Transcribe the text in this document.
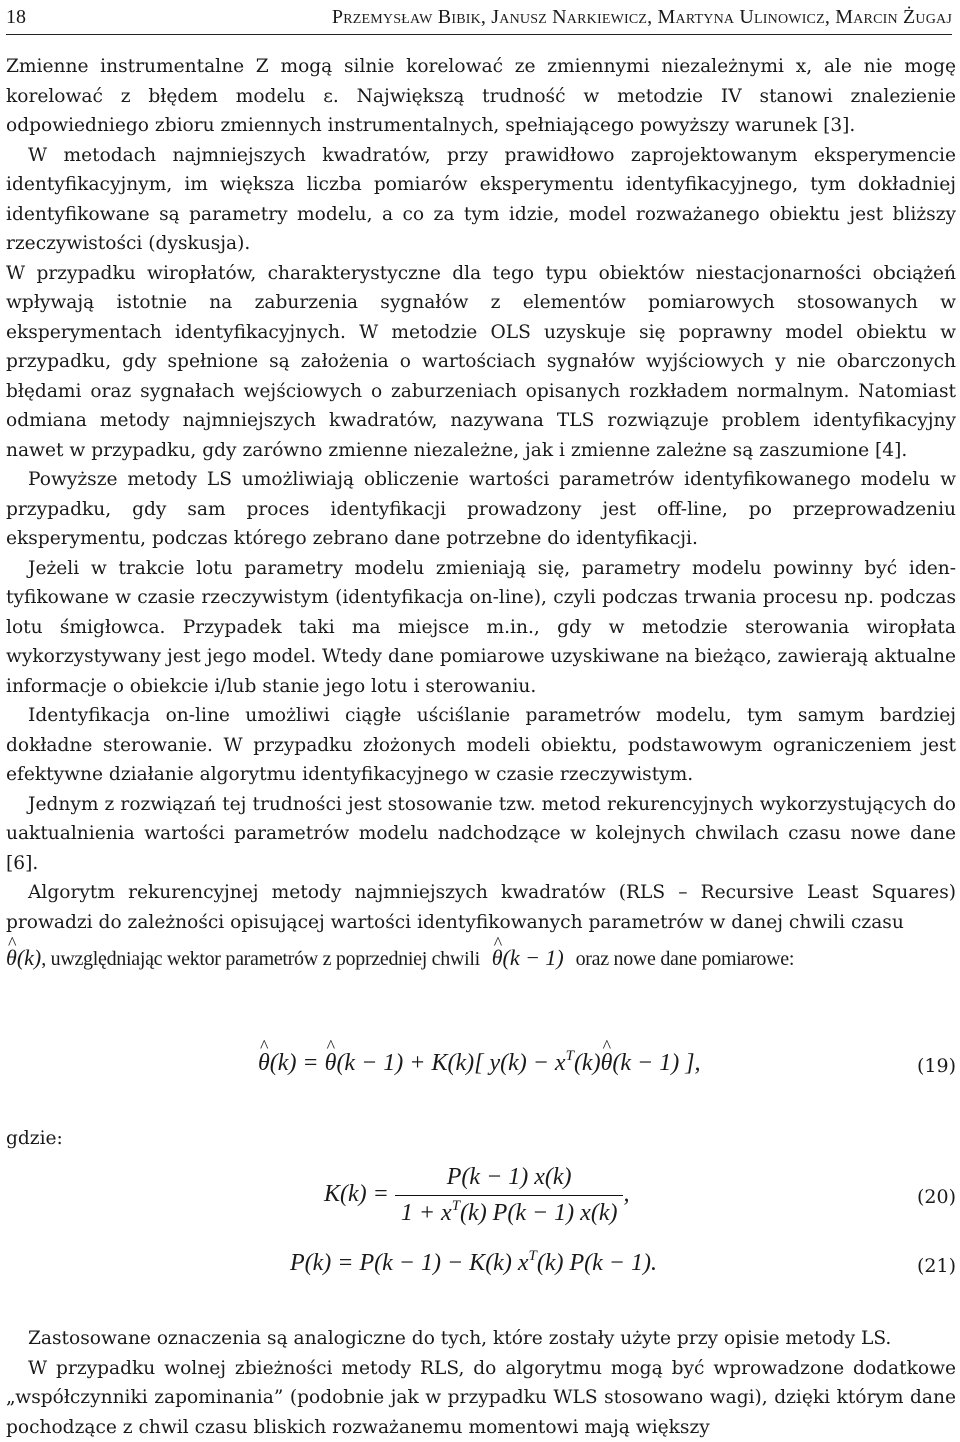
18	Przemysław Bibik, Janusz Narkiewicz, Martyna Ulinowicz, Marcin Żugaj

Zmienne instrumentalne Z mogą silnie korelować ze zmiennymi niezależnymi x, ale nie mogę korelować z błędem modelu ε. Największą trudność w metodzie IV stanowi znalezienie odpowiedniego zbioru zmiennych instrumentalnych, spełniającego powyższy warunek [3].

W metodach najmniejszych kwadratów, przy prawidłowo zaprojektowanym eksperymencie identyfikacyjnym, im większa liczba pomiarów eksperymentu identyfikacyjnego, tym dokładniej identyfikowane są parametry modelu, a co za tym idzie, model rozważanego obiektu jest bliższy rzeczywistości (dyskusja).

W przypadku wiropłatów, charakterystyczne dla tego typu obiektów niestacjonarności obciążeń wpływają istotnie na zaburzenia sygnałów z elementów pomiarowych stosowanych w eksperymentach identyfikacyjnych. W metodzie OLS uzyskuje się poprawny model obiektu w przypadku, gdy spełnione są założenia o wartościach sygnałów wyjściowych y nie obarczonych błędami oraz sygnałach wejściowych o zaburzeniach opisanych rozkładem normalnym. Natomiast odmiana metody najmniejszych kwadratów, nazywana TLS rozwiązuje problem identyfikacyjny nawet w przypadku, gdy zarówno zmienne niezależne, jak i zmienne zależne są zaszumione [4].

Powyższe metody LS umożliwiają obliczenie wartości parametrów identyfikowanego modelu w przypadku, gdy sam proces identyfikacji prowadzony jest off-line, po przeprowadzeniu eksperymentu, podczas którego zebrano dane potrzebne do identyfikacji.

Jeżeli w trakcie lotu parametry modelu zmieniają się, parametry modelu powinny być identyfikowane w czasie rzeczywistym (identyfikacja on-line), czyli podczas trwania procesu np. podczas lotu śmigłowca. Przypadek taki ma miejsce m.in., gdy w metodzie sterowania wiropłata wykorzystywany jest jego model. Wtedy dane pomiarowe uzyskiwane na bieżąco, zawierają aktualne informacje o obiekcie i/lub stanie jego lotu i sterowaniu.

Identyfikacja on-line umożliwi ciągłe uściślanie parametrów modelu, tym samym bardziej dokładne sterowanie. W przypadku złożonych modeli obiektu, podstawowym ograniczeniem jest efektywne działanie algorytmu identyfikacyjnego w czasie rzeczywistym.

Jednym z rozwiązań tej trudności jest stosowanie tzw. metod rekurencyjnych wykorzystujących do uaktualnienia wartości parametrów modelu nadchodzące w kolejnych chwilach czasu nowe dane [6].

Algorytm rekurencyjnej metody najmniejszych kwadratów (RLS – Recursive Least Squares) prowadzi do zależności opisującej wartości identyfikowanych parametrów w danej chwili czasu

^ θ(k), uwzględniając wektor parametrów z poprzedniej chwili  ^ θ(k − 1) oraz nowe dane pomiarowe:

^ θ(k) = ^ θ(k − 1) + K(k)[ $y(k) - x^T(k)\^{}$ θ(k − 1) ],	(19)
gdzie:
$K(k) = \frac{P(k - 1) x(k)}{1 + x^T(k) P(k - 1) x(k)}$ ,	(20)
P(k) = P(k − 1) − K(k) $x^T(k) P(k - 1)$.	(21)

Zastosowane oznaczenia są analogiczne do tych, które zostały użyte przy opisie metody LS.

W przypadku wolnej zbieżności metody RLS, do algorytmu mogą być wprowadzone dodatkowe „współczynniki zapominania” (podobnie jak w przypadku WLS stosowano wagi), dzięki którym dane pochodzące z chwil czasu bliskich rozważanemu momentowi mają większy
